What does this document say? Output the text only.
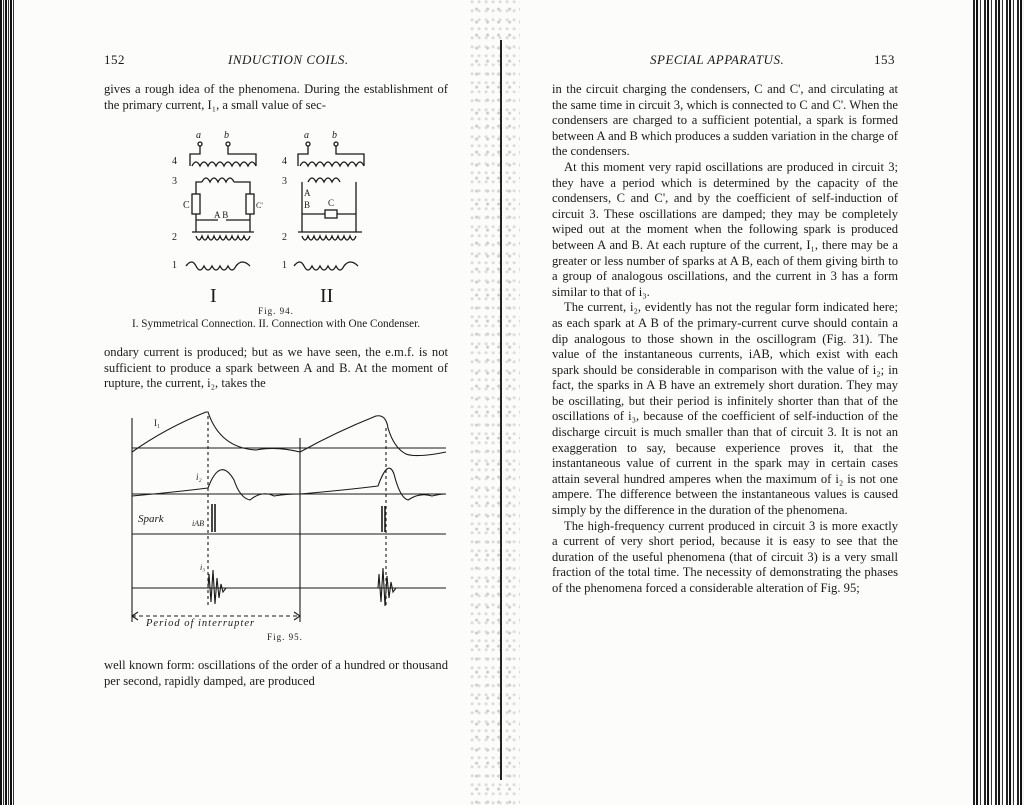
152	INDUCTION COILS.

gives a rough idea of the phenomena. During the establishment of the primary current, I₁, a small value of sec-

a b	a b
4
3
2
1
4
3
2
1
C	C'
A B
A
B C
I	II
Fig. 94.
I. Symmetrical Connection. II. Connection with One Condenser.

ondary current is produced; but as we have seen, the e.m.f. is not sufficient to produce a spark between A and B. At the moment of rupture, the current, i₂, takes the

I₁
i₂
Spark	iAB
i₃
Period of interrupter
Fig. 95.

well known form: oscillations of the order of a hundred or thousand per second, rapidly damped, are produced

SPECIAL APPARATUS.	153

in the circuit charging the condensers, C and C', and circulating at the same time in circuit 3, which is connected to C and C'. When the condensers are charged to a sufficient potential, a spark is formed between A and B which produces a sudden variation in the charge of the condensers.

At this moment very rapid oscillations are produced in circuit 3; they have a period which is determined by the capacity of the condensers, C and C', and by the coefficient of self-induction of circuit 3. These oscillations are damped; they may be completely wiped out at the moment when the following spark is produced between A and B. At each rupture of the current, I₁, there may be a greater or less number of sparks at A B, each of them giving birth to a group of analogous oscillations, and the current in 3 has a form similar to that of i₃.

The current, i₂, evidently has not the regular form indicated here; as each spark at A B of the primary-current curve should contain a dip analogous to those shown in the oscillogram (Fig. 31). The value of the instantaneous currents, iAB, which exist with each spark should be considerable in comparison with the value of i₂; in fact, the sparks in A B have an extremely short duration. They may be oscillating, but their period is infinitely shorter than that of the oscillations of i₃, because of the coefficient of self-induction of the discharge circuit is much smaller than that of circuit 3. It is not an exaggeration to say, because experience proves it, that the instantaneous value of current in the spark may in certain cases attain several hundred amperes when the maximum of i₂ is not one ampere. The difference between the instantaneous values is caused simply by the difference in the duration of the phenomena.

The high-frequency current produced in circuit 3 is more exactly a current of very short period, because it is easy to see that the duration of the useful phenomena (that of circuit 3) is a very small fraction of the total time. The necessity of demonstrating the phases of the phenomena forced a considerable alteration of Fig. 95;
